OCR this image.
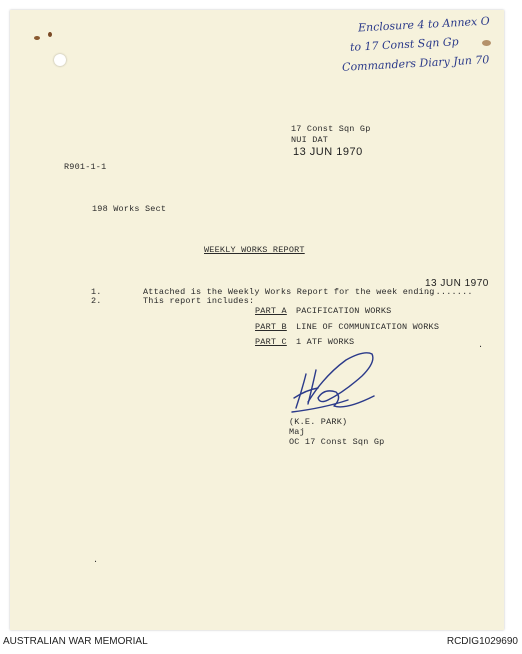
Enclosure 4 to Annex O
to 17 Const Sqn Gp
Commanders Diary Jun 70
17 Const Sqn Gp
NUI DAT
13 JUN 1970
R901-1-1
198 Works Sect
WEEKLY WORKS REPORT
13 JUN 1970
1.	Attached is the Weekly Works Report for the week ending
.........
2.	This report includes:
PART A PACIFICATION WORKS
PART B LINE OF COMMUNICATION WORKS
PART C 1 ATF WORKS
(K.E. PARK)
Maj
OC 17 Const Sqn Gp
.
.
AUSTRALIAN WAR MEMORIAL	RCDIG1029690
